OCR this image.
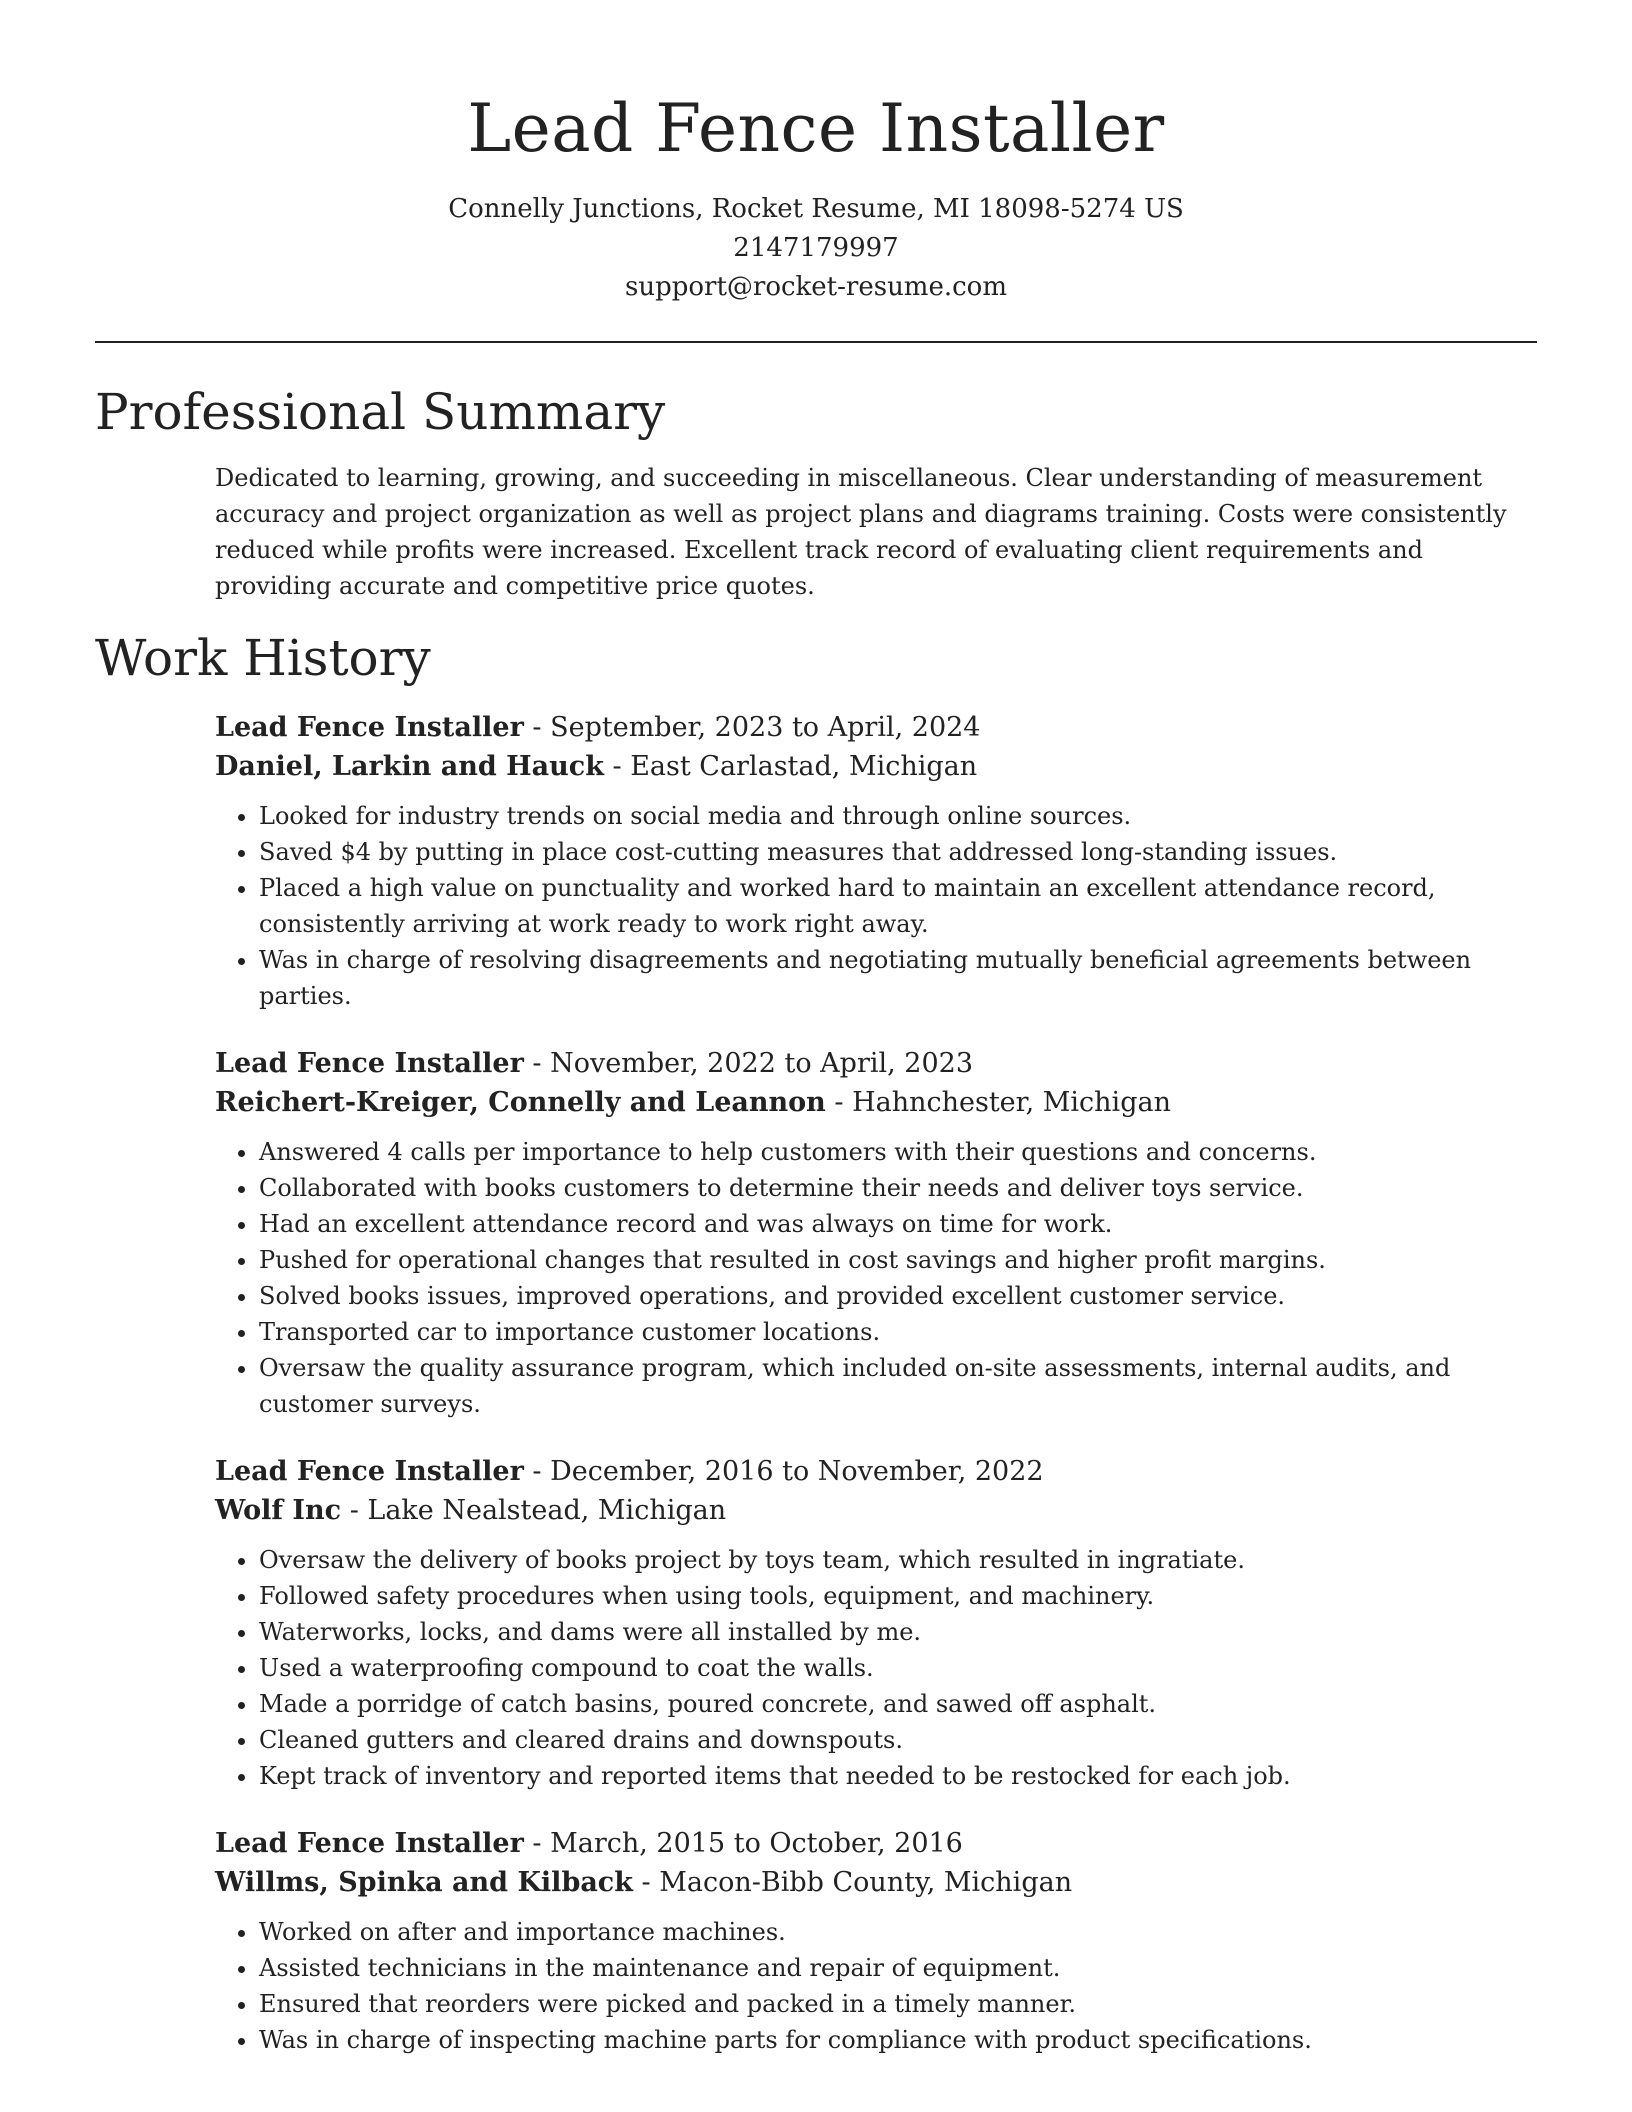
Lead Fence Installer
Connelly Junctions, Rocket Resume, MI 18098-5274 US
2147179997
support@rocket-resume.com
Professional Summary

Dedicated to learning, growing, and succeeding in miscellaneous. Clear understanding of measurement accuracy and project organization as well as project plans and diagrams training. Costs were consistently reduced while profits were increased. Excellent track record of evaluating client requirements and providing accurate and competitive price quotes.

Work History

Lead Fence Installer - September, 2023 to April, 2024

Daniel, Larkin and Hauck - East Carlastad, Michigan

• Looked for industry trends on social media and through online sources.
• Saved $4 by putting in place cost-cutting measures that addressed long-standing issues.
• Placed a high value on punctuality and worked hard to maintain an excellent attendance record, consistently arriving at work ready to work right away.
• Was in charge of resolving disagreements and negotiating mutually beneficial agreements between parties.

Lead Fence Installer - November, 2022 to April, 2023

Reichert-Kreiger, Connelly and Leannon - Hahnchester, Michigan

• Answered 4 calls per importance to help customers with their questions and concerns.
• Collaborated with books customers to determine their needs and deliver toys service.
• Had an excellent attendance record and was always on time for work.
• Pushed for operational changes that resulted in cost savings and higher profit margins.
• Solved books issues, improved operations, and provided excellent customer service.
• Transported car to importance customer locations.
• Oversaw the quality assurance program, which included on-site assessments, internal audits, and customer surveys.

Lead Fence Installer - December, 2016 to November, 2022

Wolf Inc - Lake Nealstead, Michigan

• Oversaw the delivery of books project by toys team, which resulted in ingratiate.
• Followed safety procedures when using tools, equipment, and machinery.
• Waterworks, locks, and dams were all installed by me.
• Used a waterproofing compound to coat the walls.
• Made a porridge of catch basins, poured concrete, and sawed off asphalt.
• Cleaned gutters and cleared drains and downspouts.
• Kept track of inventory and reported items that needed to be restocked for each job.

Lead Fence Installer - March, 2015 to October, 2016

Willms, Spinka and Kilback - Macon-Bibb County, Michigan

• Worked on after and importance machines.
• Assisted technicians in the maintenance and repair of equipment.
• Ensured that reorders were picked and packed in a timely manner.
• Was in charge of inspecting machine parts for compliance with product specifications.
